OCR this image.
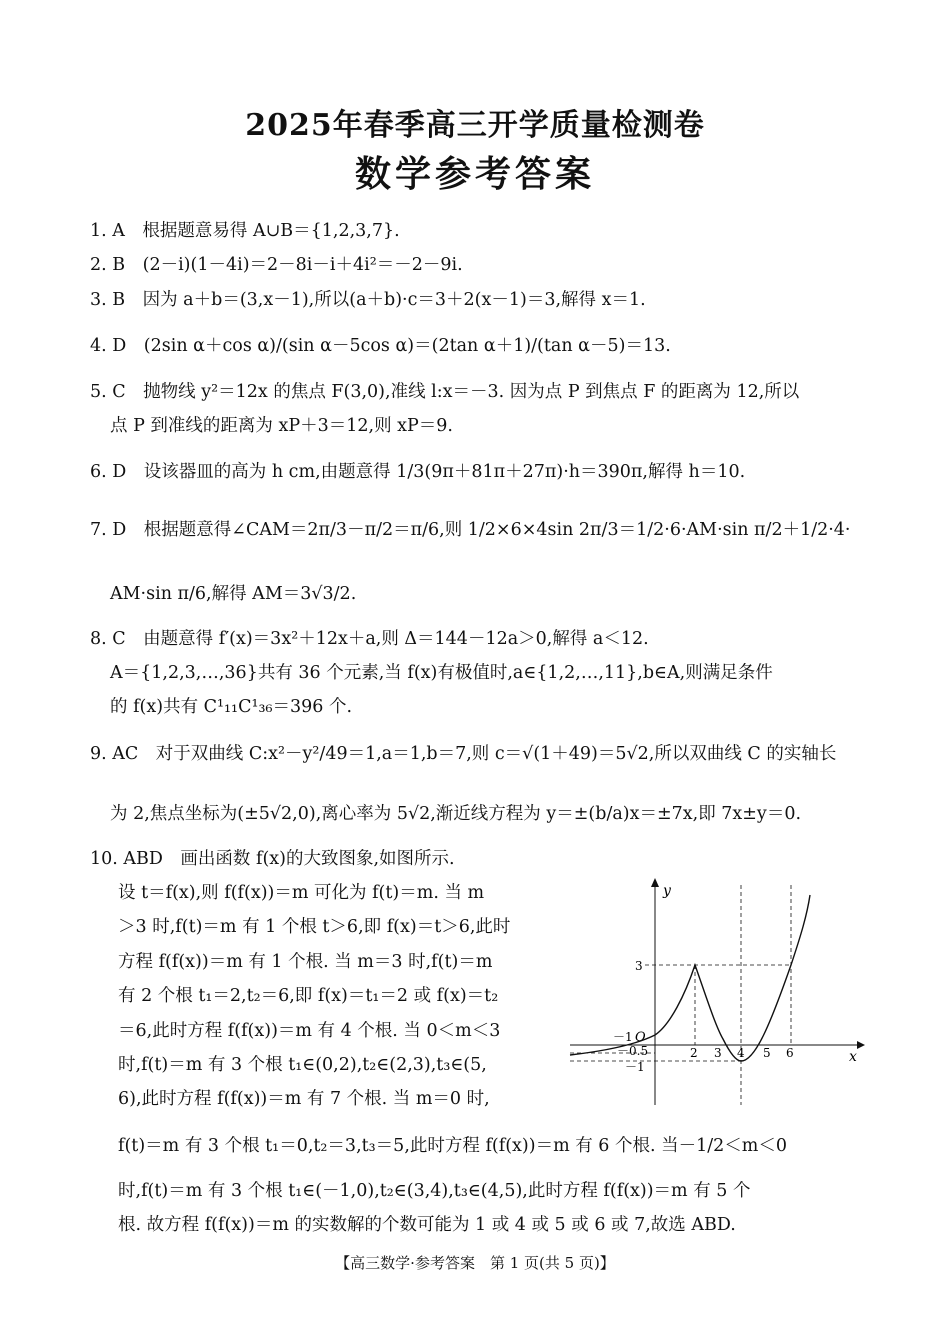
2025年春季高三开学质量检测卷
数学参考答案
1. A　根据题意易得 A∪B＝{1,2,3,7}.
2. B　(2－i)(1－4i)＝2－8i－i＋4i²＝－2－9i.
3. B　因为 a＋b＝(3,x－1),所以(a＋b)·c＝3＋2(x－1)＝3,解得 x＝1.
4. D　(2sin α＋cos α)/(sin α－5cos α)＝(2tan α＋1)/(tan α－5)＝13.
5. C　抛物线 y²＝12x 的焦点 F(3,0),准线 l:x＝－3. 因为点 P 到焦点 F 的距离为 12,所以
点 P 到准线的距离为 xP＋3＝12,则 xP＝9.
6. D　设该器皿的高为 h cm,由题意得 1/3(9π＋81π＋27π)·h＝390π,解得 h＝10.
7. D　根据题意得∠CAM＝2π/3－π/2＝π/6,则 1/2×6×4sin 2π/3＝1/2·6·AM·sin π/2＋1/2·4·
AM·sin π/6,解得 AM＝3√3/2.
8. C　由题意得 f′(x)＝3x²＋12x＋a,则 Δ＝144－12a＞0,解得 a＜12.
A＝{1,2,3,…,36}共有 36 个元素,当 f(x)有极值时,a∈{1,2,…,11},b∈A,则满足条件
的 f(x)共有 C¹₁₁C¹₃₆＝396 个.
9. AC　对于双曲线 C:x²－y²/49＝1,a＝1,b＝7,则 c＝√(1＋49)＝5√2,所以双曲线 C 的实轴长
为 2,焦点坐标为(±5√2,0),离心率为 5√2,渐近线方程为 y＝±(b/a)x＝±7x,即 7x±y＝0.
10. ABD　画出函数 f(x)的大致图象,如图所示.
设 t＝f(x),则 f(f(x))＝m 可化为 f(t)＝m. 当 m
＞3 时,f(t)＝m 有 1 个根 t＞6,即 f(x)＝t＞6,此时
方程 f(f(x))＝m 有 1 个根. 当 m＝3 时,f(t)＝m
有 2 个根 t₁＝2,t₂＝6,即 f(x)＝t₁＝2 或 f(x)＝t₂
＝6,此时方程 f(f(x))＝m 有 4 个根. 当 0＜m＜3
时,f(t)＝m 有 3 个根 t₁∈(0,2),t₂∈(2,3),t₃∈(5,
6),此时方程 f(f(x))＝m 有 7 个根. 当 m＝0 时,
f(t)＝m 有 3 个根 t₁＝0,t₂＝3,t₃＝5,此时方程 f(f(x))＝m 有 6 个根. 当－1/2＜m＜0
时,f(t)＝m 有 3 个根 t₁∈(－1,0),t₂∈(3,4),t₃∈(4,5),此时方程 f(f(x))＝m 有 5 个
根. 故方程 f(f(x))＝m 的实数解的个数可能为 1 或 4 或 5 或 6 或 7,故选 ABD.
y
x
O
－1
2 3 4 5 6
3
－0.5
－1
【高三数学·参考答案　第 1 页(共 5 页)】
